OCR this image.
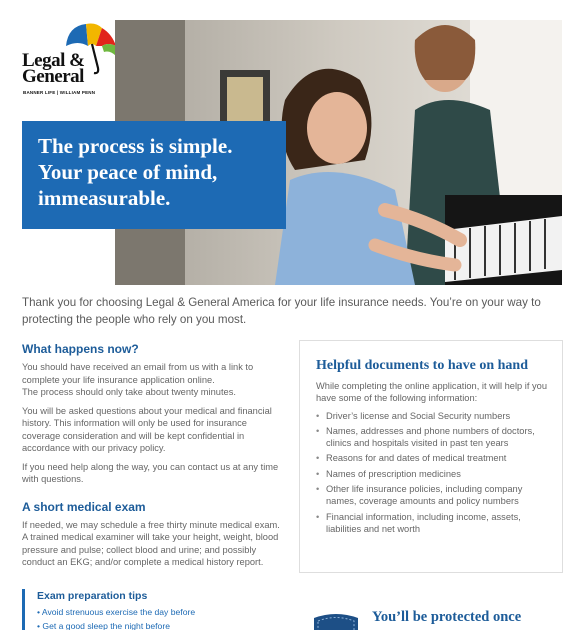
Legal &
General
BANNER LIFE | WILLIAM PENN
The process is simple.
Your peace of mind,
immeasurable.
Thank you for choosing Legal & General America for your life insurance needs. You’re on your way to protecting the people who rely on you most.
What happens now?
You should have received an email from us with a link to complete your life insurance application online.
The process should only take about twenty minutes.
You will be asked questions about your medical and financial history. This information will only be used for insurance coverage consideration and will be kept confidential in accordance with our privacy policy.
If you need help along the way, you can contact us at any time with questions.
A short medical exam
If needed, we may schedule a free thirty minute medical exam. A trained medical examiner will take your height, weight, blood pressure and pulse; collect blood and urine; and possibly conduct an EKG; and/or complete a medical history report.
Exam preparation tips
• Avoid strenuous exercise the day before
• Get a good sleep the night before
Helpful documents to have on hand
While completing the online application, it will help if you have some of the following information:
• Driver’s license and Social Security numbers
• Names, addresses and phone numbers of doctors, clinics and hospitals visited in past ten years
• Reasons for and dates of medical treatment
• Names of prescription medicines
• Other life insurance policies, including company names, coverage amounts and policy numbers
• Financial information, including income, assets, liabilities and net worth
You’ll be protected once
